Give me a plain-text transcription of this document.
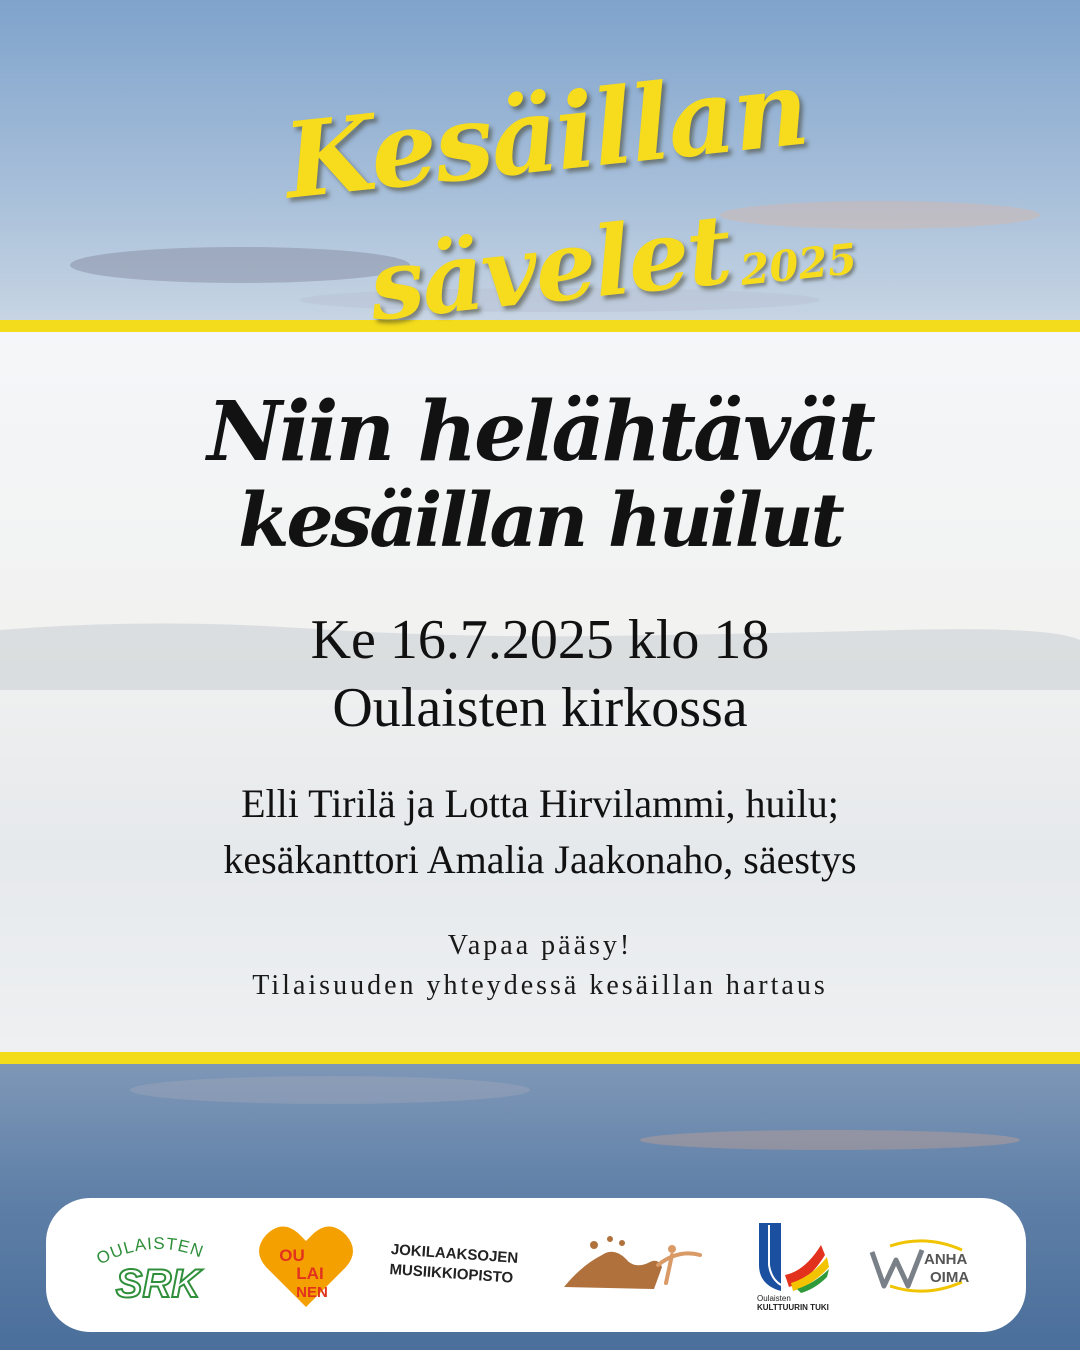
Kesäillan
sävelet 2025
Niin helähtävät
kesäillan huilut
Ke 16.7.2025 klo 18
Oulaisten kirkossa
Elli Tirilä ja Lotta Hirvilammi, huilu;
kesäkanttori Amalia Jaakonaho, säestys
Vapaa pääsy!
Tilaisuuden yhteydessä kesäillan hartaus
OULAISTEN
SRK
OU
LAI
NEN
JOKILAAKSOJEN
MUSIIKKIOPISTO
Oulaisten
KULTTUURIN TUKI
ANHA
OIMA
